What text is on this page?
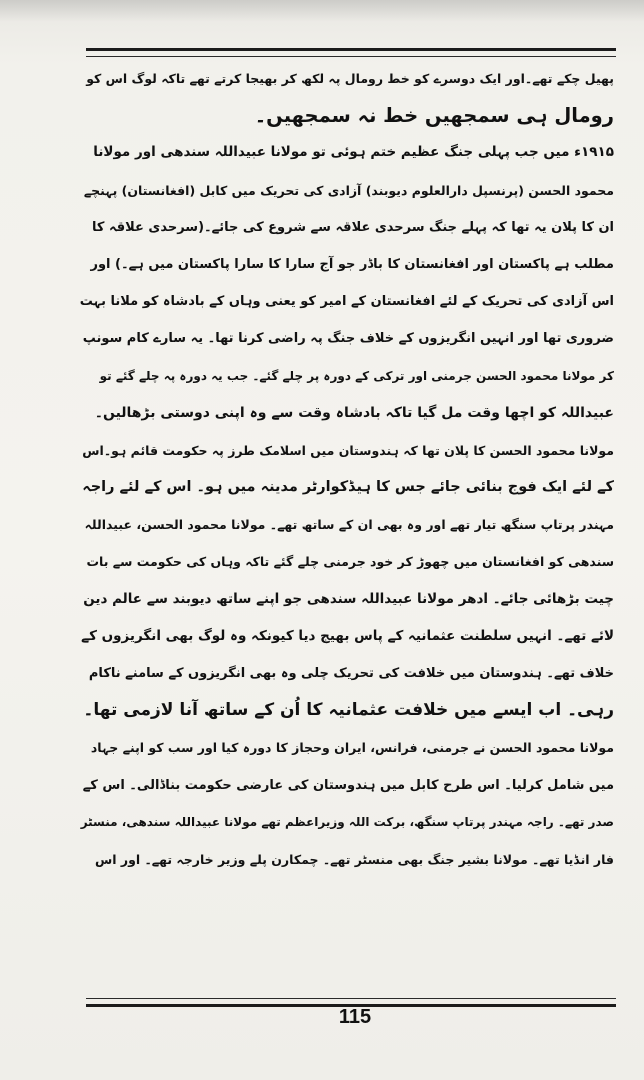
پھیل چکے تھے۔اور ایک دوسرے کو خط رومال پہ لکھ کر بھیجا کرتے تھے تاکہ لوگ اس کو
رومال ہی سمجھیں خط نہ سمجھیں۔
۱۹۱۵ء میں جب پہلی جنگ عظیم ختم ہوئی تو مولانا عبیداللہ سندھی اور مولانا
محمود الحسن (پرنسپل دارالعلوم دیوبند) آزادی کی تحریک میں کابل (افغانستان) پہنچے
ان کا پلان یہ تھا کہ پہلے جنگ سرحدی علاقہ سے شروع کی جائے۔(سرحدی علاقہ کا
مطلب ہے پاکستان اور افغانستان کا باڈر جو آج سارا کا سارا پاکستان میں ہے۔) اور
اس آزادی کی تحریک کے لئے افغانستان کے امیر کو یعنی وہاں کے بادشاہ کو ملانا بہت
ضروری تھا اور انہیں انگریزوں کے خلاف جنگ پہ راضی کرنا تھا۔ یہ سارے کام سونپ
کر مولانا محمود الحسن جرمنی اور ترکی کے دورہ پر چلے گئے۔ جب یہ دورہ پہ چلے گئے تو
عبیداللہ کو اچھا وقت مل گیا تاکہ بادشاہ وقت سے وہ اپنی دوستی بڑھالیں۔
مولانا محمود الحسن کا پلان تھا کہ ہندوستان میں اسلامک طرز پہ حکومت قائم ہو۔اس
کے لئے ایک فوج بنائی جائے جس کا ہیڈکوارٹر مدینہ میں ہو۔ اس کے لئے راجہ
مہندر پرتاپ سنگھ تیار تھے اور وہ بھی ان کے ساتھ تھے۔ مولانا محمود الحسن، عبیداللہ
سندھی کو افغانستان میں چھوڑ کر خود جرمنی چلے گئے تاکہ وہاں کی حکومت سے بات
چیت بڑھائی جائے۔ ادھر مولانا عبیداللہ سندھی جو اپنے ساتھ دیوبند سے عالم دین
لائے تھے۔ انہیں سلطنت عثمانیہ کے پاس بھیج دیا کیونکہ وہ لوگ بھی انگریزوں کے
خلاف تھے۔ ہندوستان میں خلافت کی تحریک چلی وہ بھی انگریزوں کے سامنے ناکام
رہی۔ اب ایسے میں خلافت عثمانیہ کا اُن کے ساتھ آنا لازمی تھا۔
مولانا محمود الحسن نے جرمنی، فرانس، ایران وحجاز کا دورہ کیا اور سب کو اپنے جہاد
میں شامل کرلیا۔ اس طرح کابل میں ہندوستان کی عارضی حکومت بناڈالی۔ اس کے
صدر تھے۔ راجہ مہندر پرتاپ سنگھ، برکت اللہ وزیراعظم تھے مولانا عبیداللہ سندھی، منسٹر
فار انڈیا تھے۔ مولانا بشیر جنگ بھی منسٹر تھے۔ چمکارن پلے وزیر خارجہ تھے۔ اور اس
115
